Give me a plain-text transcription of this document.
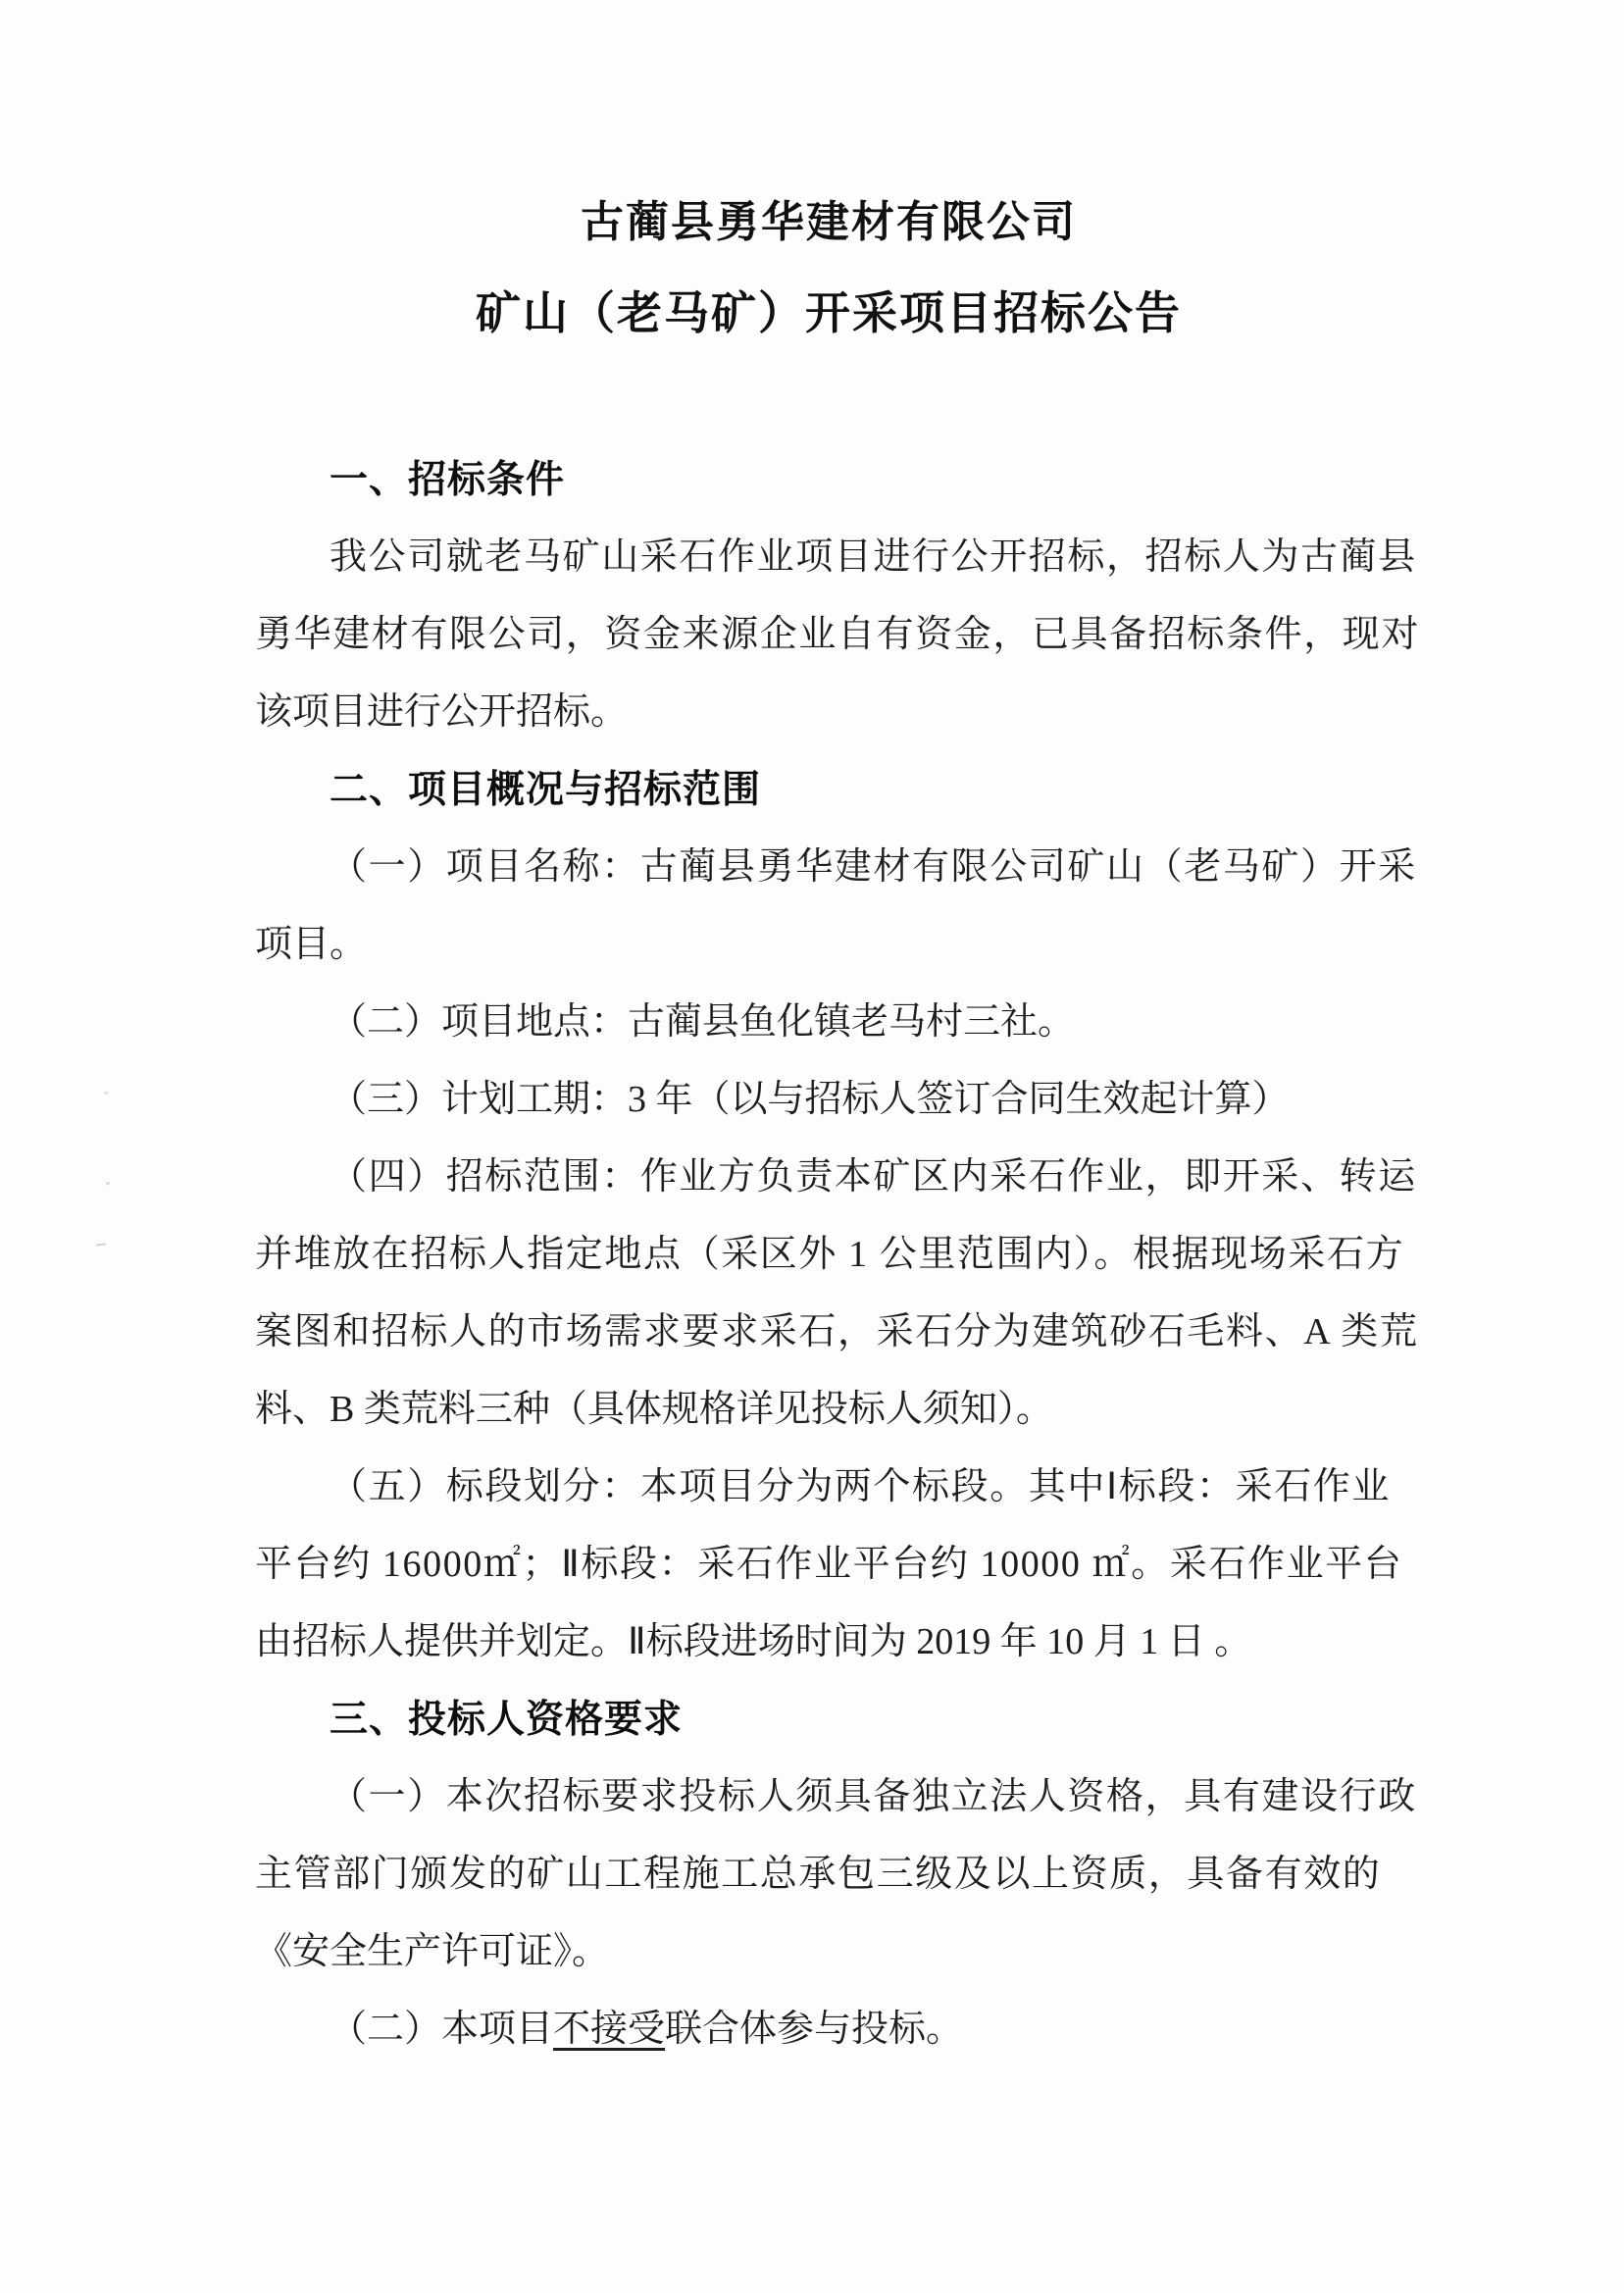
古蔺县勇华建材有限公司
矿山（老马矿）开采项目招标公告
一、招标条件
我公司就老马矿山采石作业项目进行公开招标，招标人为古蔺县
勇华建材有限公司，资金来源企业自有资金，已具备招标条件，现对
该项目进行公开招标。
二、项目概况与招标范围
（一）项目名称：古蔺县勇华建材有限公司矿山（老马矿）开采
项目。
（二）项目地点：古蔺县鱼化镇老马村三社。
（三）计划工期：3 年（以与招标人签订合同生效起计算）
（四）招标范围：作业方负责本矿区内采石作业，即开采、转运
并堆放在招标人指定地点（采区外 1 公里范围内）。根据现场采石方
案图和招标人的市场需求要求采石，采石分为建筑砂石毛料、A 类荒
料、B 类荒料三种（具体规格详见投标人须知）。
（五）标段划分：本项目分为两个标段。其中Ⅰ标段：采石作业
平台约 16000㎡；Ⅱ标段：采石作业平台约 10000 ㎡。采石作业平台
由招标人提供并划定。Ⅱ标段进场时间为 2019 年 10 月 1 日 。
三、投标人资格要求
（一）本次招标要求投标人须具备独立法人资格，具有建设行政
主管部门颁发的矿山工程施工总承包三级及以上资质，具备有效的
《安全生产许可证》。
（二）本项目不接受联合体参与投标。
゛
゛
